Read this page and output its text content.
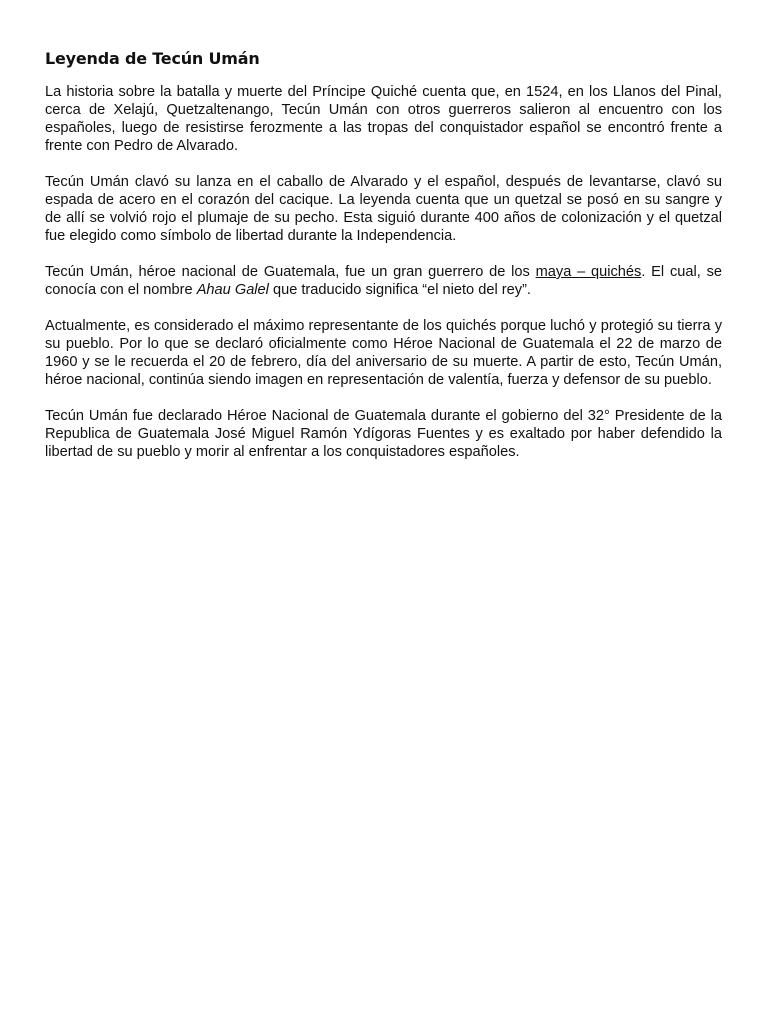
Leyenda de Tecún Umán

La historia sobre la batalla y muerte del Príncipe Quiché cuenta que, en 1524, en los Llanos del Pinal, cerca de Xelajú, Quetzaltenango, Tecún Umán con otros guerreros salieron al encuentro con los españoles, luego de resistirse ferozmente a las tropas del conquistador español se encontró frente a frente con Pedro de Alvarado.

Tecún Umán clavó su lanza en el caballo de Alvarado y el español, después de levantarse, clavó su espada de acero en el corazón del cacique. La leyenda cuenta que un quetzal se posó en su sangre y de allí se volvió rojo el plumaje de su pecho. Esta siguió durante 400 años de colonización y el quetzal fue elegido como símbolo de libertad durante la Independencia.

Tecún Umán, héroe nacional de Guatemala, fue un gran guerrero de los maya – quichés. El cual, se conocía con el nombre Ahau Galel que traducido significa “el nieto del rey”.

Actualmente, es considerado el máximo representante de los quichés porque luchó y protegió su tierra y su pueblo. Por lo que se declaró oficialmente como Héroe Nacional de Guatemala el 22 de marzo de 1960 y se le recuerda el 20 de febrero, día del aniversario de su muerte. A partir de esto, Tecún Umán, héroe nacional, continúa siendo imagen en representación de valentía, fuerza y defensor de su pueblo.

Tecún Umán fue declarado Héroe Nacional de Guatemala durante el gobierno del 32° Presidente de la Republica de Guatemala José Miguel Ramón Ydígoras Fuentes y es exaltado por haber defendido la libertad de su pueblo y morir al enfrentar a los conquistadores españoles.
